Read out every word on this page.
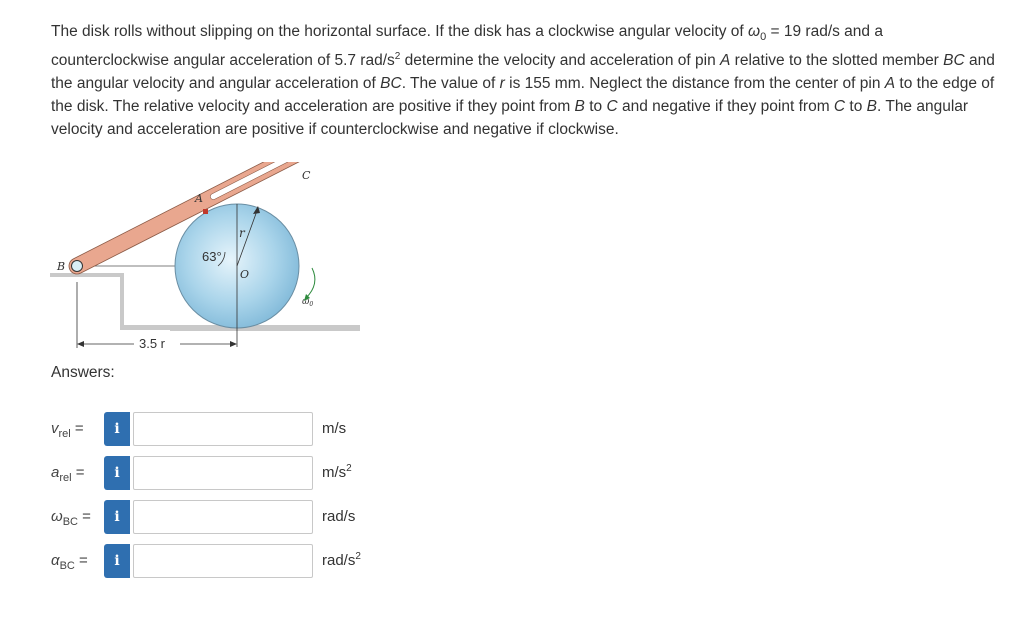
The disk rolls without slipping on the horizontal surface. If the disk has a clockwise angular velocity of $\omega_0 = 19$ rad/s and a counterclockwise angular acceleration of 5.7 rad/$s^2$ determine the velocity and acceleration of pin A relative to the slotted member BC and the angular velocity and angular acceleration of BC. The value of r is 155 mm. Neglect the distance from the center of pin A to the edge of the disk. The relative velocity and acceleration are positive if they point from B to C and negative if they point from C to B. The angular velocity and acceleration are positive if counterclockwise and negative if clockwise.

B
A
C
O
r
63°
$\omega_0$
3.5 r
Answers:
$v_{rel}$ =	i	m/s
$a_{rel}$ =	i	$m/s^2$
$\omega_{BC}$ =	i	rad/s
$\alpha_{BC}$ =	i	rad/$s^2$
